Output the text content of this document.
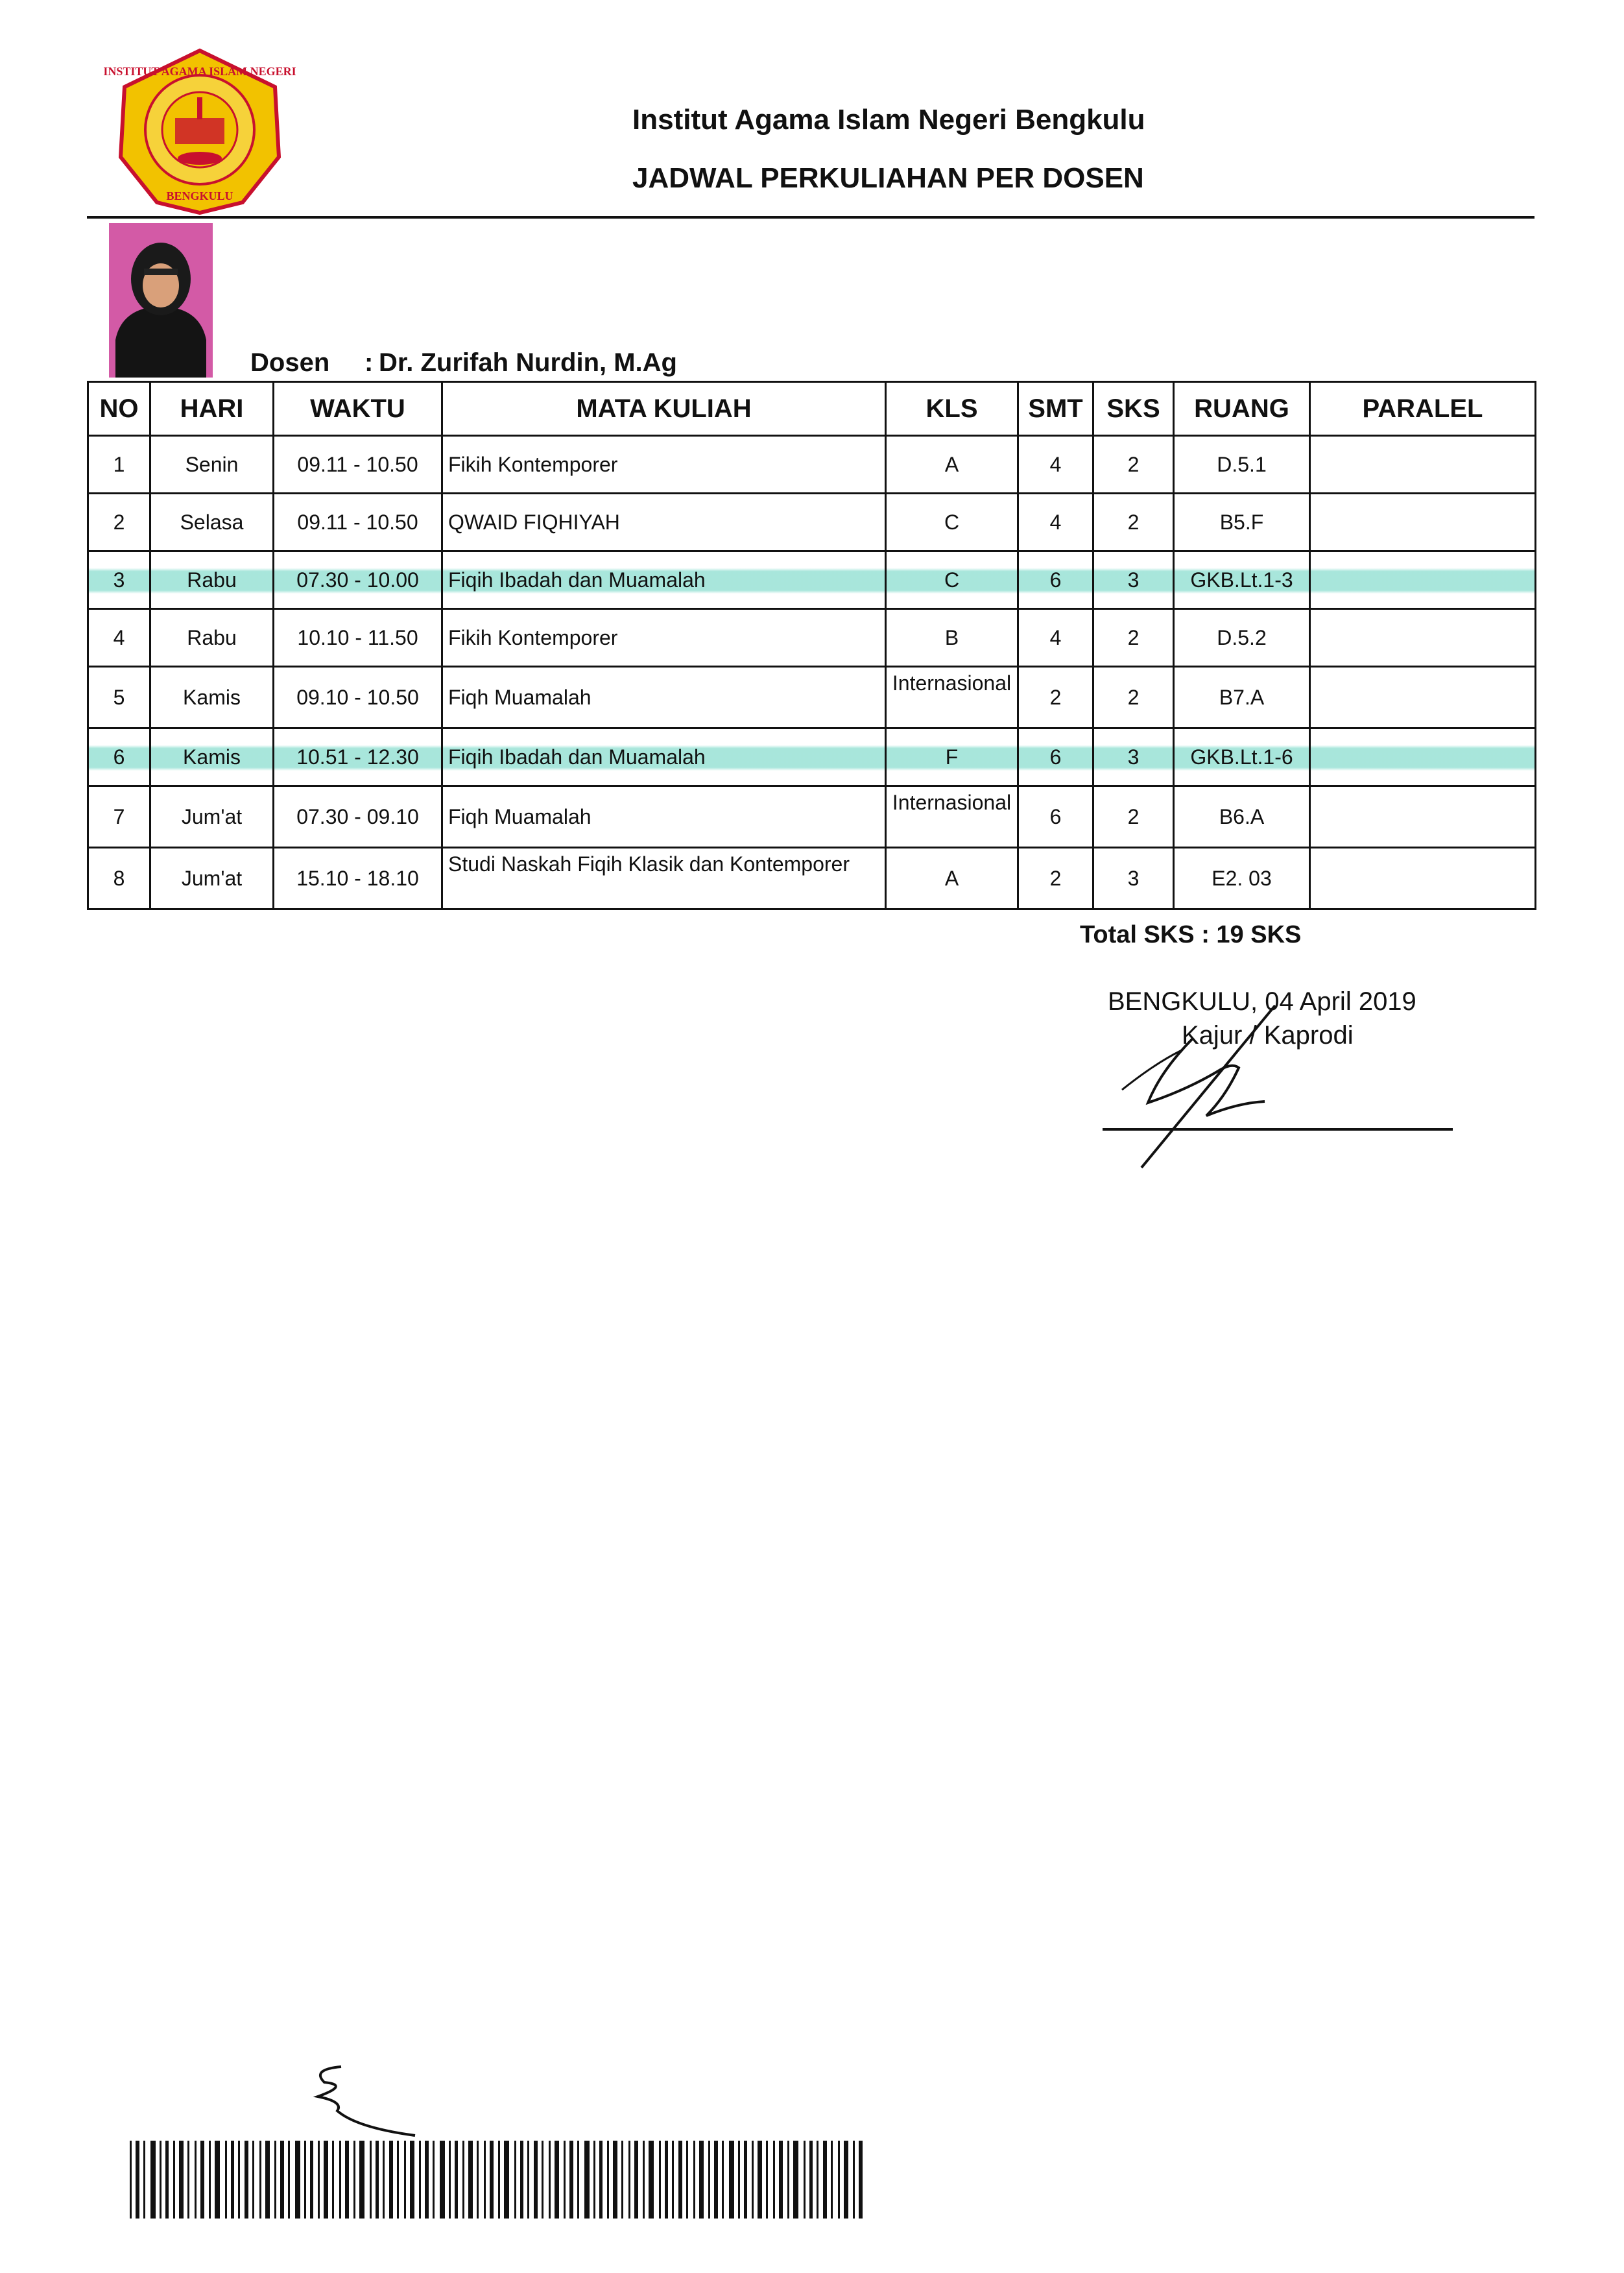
INSTITUT AGAMA ISLAM NEGERI
BENGKULU
Institut Agama Islam Negeri Bengkulu
JADWAL PERKULIAHAN PER DOSEN
Dosen : Dr. Zurifah Nurdin, M.Ag
NO	HARI	WAKTU	MATA KULIAH	KLS	SMT	SKS	RUANG	PARALEL
1	Senin	09.11 - 10.50	Fikih Kontemporer	A	4	2	D.5.1	
2	Selasa	09.11 - 10.50	QWAID FIQHIYAH	C	4	2	B5.F	
3	Rabu	07.30 - 10.00	Fiqih Ibadah dan Muamalah	C	6	3	GKB.Lt.1-3	
4	Rabu	10.10 - 11.50	Fikih Kontemporer	B	4	2	D.5.2	
5	Kamis	09.10 - 10.50	Fiqh Muamalah	Internasional	2	2	B7.A	
6	Kamis	10.51 - 12.30	Fiqih Ibadah dan Muamalah	F	6	3	GKB.Lt.1-6	
7	Jum'at	07.30 - 09.10	Fiqh Muamalah	Internasional	6	2	B6.A	
8	Jum'at	15.10 - 18.10	Studi Naskah Fiqih Klasik dan Kontemporer	A	2	3	E2. 03	
Total SKS : 19 SKS
BENGKULU, 04 April 2019
Kajur / Kaprodi
